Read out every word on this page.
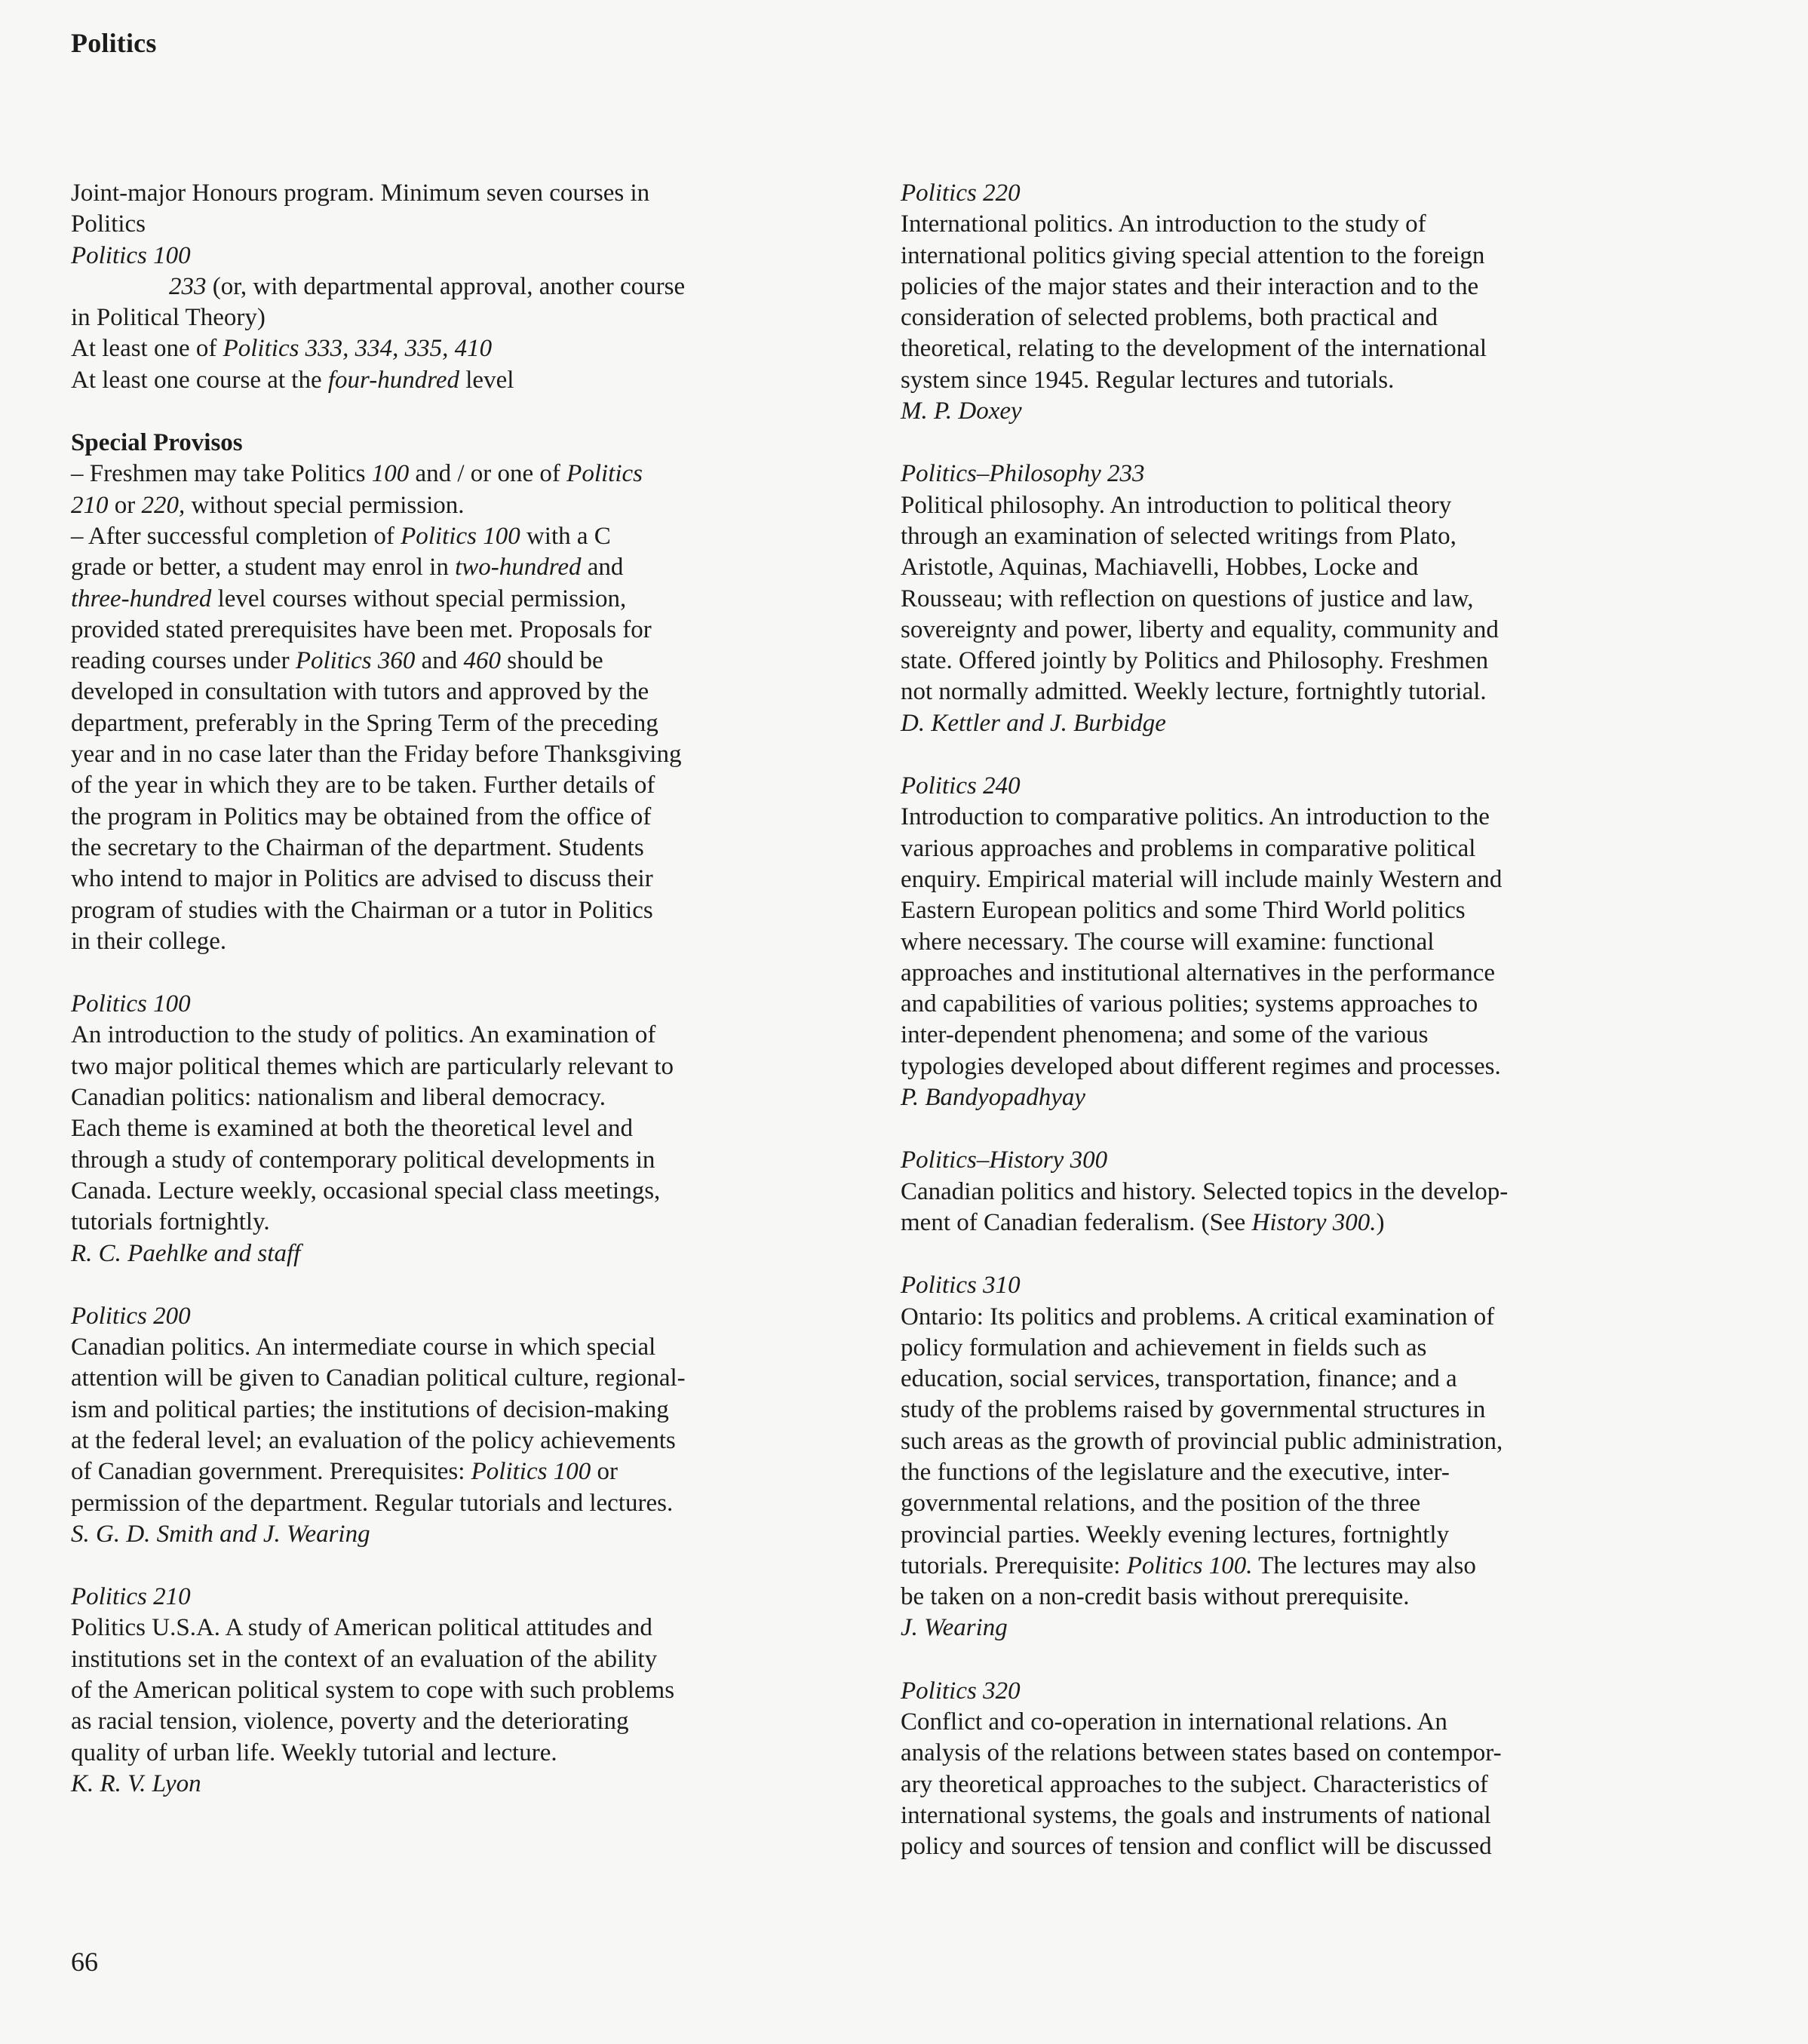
Politics

Joint-major Honours program. Minimum seven courses in

Politics

Politics 100

233 (or, with departmental approval, another course

in Political Theory)

At least one of Politics 333, 334, 335, 410

At least one course at the four-hundred level

Special Provisos

– Freshmen may take Politics 100 and / or one of Politics

210 or 220, without special permission.

– After successful completion of Politics 100 with a C

grade or better, a student may enrol in two-hundred and

three-hundred level courses without special permission,

provided stated prerequisites have been met. Proposals for

reading courses under Politics 360 and 460 should be

developed in consultation with tutors and approved by the

department, preferably in the Spring Term of the preceding

year and in no case later than the Friday before Thanksgiving

of the year in which they are to be taken. Further details of

the program in Politics may be obtained from the office of

the secretary to the Chairman of the department. Students

who intend to major in Politics are advised to discuss their

program of studies with the Chairman or a tutor in Politics

in their college.

Politics 100

An introduction to the study of politics. An examination of

two major political themes which are particularly relevant to

Canadian politics: nationalism and liberal democracy.

Each theme is examined at both the theoretical level and

through a study of contemporary political developments in

Canada. Lecture weekly, occasional special class meetings,

tutorials fortnightly.

R. C. Paehlke and staff

Politics 200

Canadian politics. An intermediate course in which special

attention will be given to Canadian political culture, regional-

ism and political parties; the institutions of decision-making

at the federal level; an evaluation of the policy achievements

of Canadian government. Prerequisites: Politics 100 or

permission of the department. Regular tutorials and lectures.

S. G. D. Smith and J. Wearing

Politics 210

Politics U.S.A. A study of American political attitudes and

institutions set in the context of an evaluation of the ability

of the American political system to cope with such problems

as racial tension, violence, poverty and the deteriorating

quality of urban life. Weekly tutorial and lecture.

K. R. V. Lyon

Politics 220

International politics. An introduction to the study of

international politics giving special attention to the foreign

policies of the major states and their interaction and to the

consideration of selected problems, both practical and

theoretical, relating to the development of the international

system since 1945. Regular lectures and tutorials.

M. P. Doxey

Politics–Philosophy 233

Political philosophy. An introduction to political theory

through an examination of selected writings from Plato,

Aristotle, Aquinas, Machiavelli, Hobbes, Locke and

Rousseau; with reflection on questions of justice and law,

sovereignty and power, liberty and equality, community and

state. Offered jointly by Politics and Philosophy. Freshmen

not normally admitted. Weekly lecture, fortnightly tutorial.

D. Kettler and J. Burbidge

Politics 240

Introduction to comparative politics. An introduction to the

various approaches and problems in comparative political

enquiry. Empirical material will include mainly Western and

Eastern European politics and some Third World politics

where necessary. The course will examine: functional

approaches and institutional alternatives in the performance

and capabilities of various polities; systems approaches to

inter-dependent phenomena; and some of the various

typologies developed about different regimes and processes.

P. Bandyopadhyay

Politics–History 300

Canadian politics and history. Selected topics in the develop-

ment of Canadian federalism. (See History 300.)

Politics 310

Ontario: Its politics and problems. A critical examination of

policy formulation and achievement in fields such as

education, social services, transportation, finance; and a

study of the problems raised by governmental structures in

such areas as the growth of provincial public administration,

the functions of the legislature and the executive, inter-

governmental relations, and the position of the three

provincial parties. Weekly evening lectures, fortnightly

tutorials. Prerequisite: Politics 100. The lectures may also

be taken on a non-credit basis without prerequisite.

J. Wearing

Politics 320

Conflict and co-operation in international relations. An

analysis of the relations between states based on contempor-

ary theoretical approaches to the subject. Characteristics of

international systems, the goals and instruments of national

policy and sources of tension and conflict will be discussed

66
